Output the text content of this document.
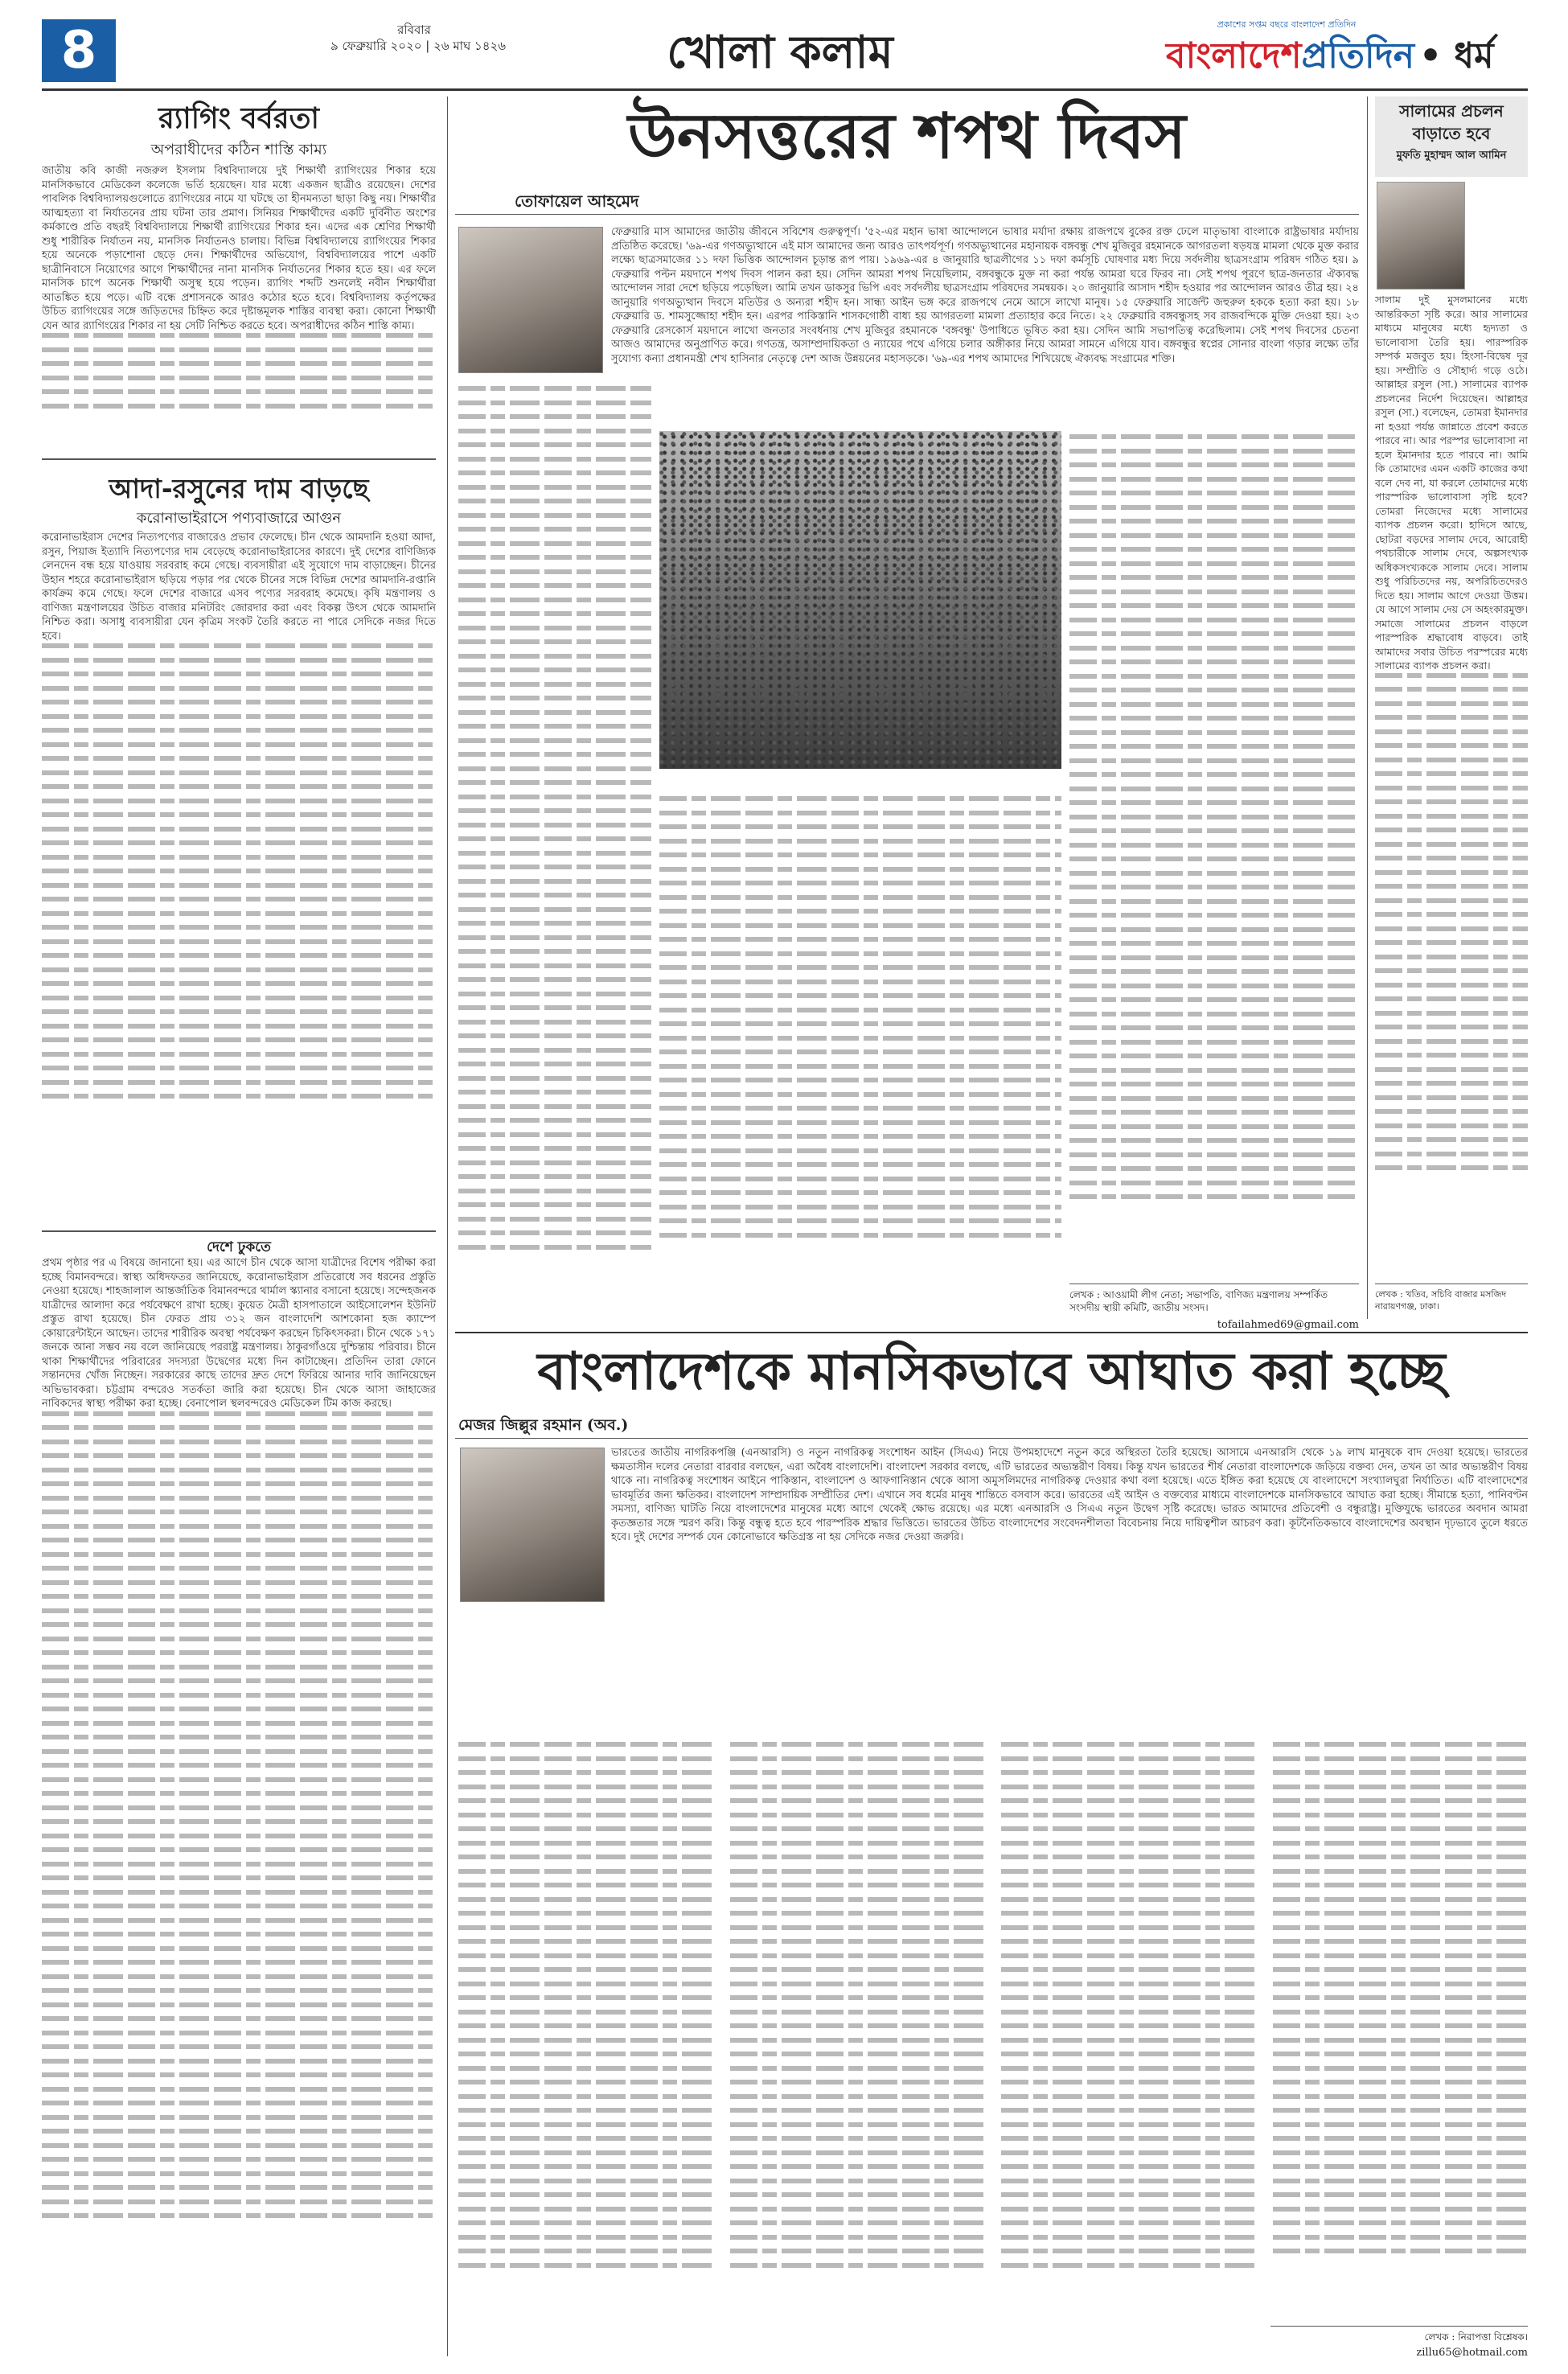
8	রবিবার
৯ ফেব্রুয়ারি ২০২০ | ২৬ মাঘ ১৪২৬	খোলা কলাম
প্রকাশের সপ্তম বছরে বাংলাদেশ প্রতিদিন
বাংলাদেশপ্রতিদিন • ধর্ম
র‍্যাগিং বর্বরতা
অপরাধীদের কঠিন শাস্তি কাম্য
জাতীয় কবি কাজী নজরুল ইসলাম বিশ্ববিদ্যালয়ে দুই শিক্ষার্থী র‍্যাগিংয়ের শিকার হয়ে মানসিকভাবে মেডিকেল কলেজে ভর্তি হয়েছেন। যার মধ্যে একজন ছাত্রীও রয়েছেন। দেশের পাবলিক বিশ্ববিদ্যালয়গুলোতে র‍্যাগিংয়ের নামে যা ঘটছে তা হীনমন্যতা ছাড়া কিছু নয়। শিক্ষার্থীর আত্মহত্যা বা নির্যাতনের প্রায় ঘটনা তার প্রমাণ। সিনিয়র শিক্ষার্থীদের একটি দুর্বিনীত অংশের কর্মকাণ্ডে প্রতি বছরই বিশ্ববিদ্যালয়ে শিক্ষার্থী র‍্যাগিংয়ের শিকার হন। এদের এক শ্রেণির শিক্ষার্থী শুধু শারীরিক নির্যাতন নয়, মানসিক নির্যাতনও চালায়। বিভিন্ন বিশ্ববিদ্যালয়ে র‍্যাগিংয়ের শিকার হয়ে অনেকে পড়াশোনা ছেড়ে দেন। শিক্ষার্থীদের অভিযোগ, বিশ্ববিদ্যালয়ের পাশে একটি ছাত্রীনিবাসে নিয়োগের আগে শিক্ষার্থীদের নানা মানসিক নির্যাতনের শিকার হতে হয়। এর ফলে মানসিক চাপে অনেক শিক্ষার্থী অসুস্থ হয়ে পড়েন। র‍্যাগিং শব্দটি শুনলেই নবীন শিক্ষার্থীরা আতঙ্কিত হয়ে পড়ে। এটি বন্ধে প্রশাসনকে আরও কঠোর হতে হবে। বিশ্ববিদ্যালয় কর্তৃপক্ষের উচিত র‍্যাগিংয়ের সঙ্গে জড়িতদের চিহ্নিত করে দৃষ্টান্তমূলক শাস্তির ব্যবস্থা করা। কোনো শিক্ষার্থী যেন আর র‍্যাগিংয়ের শিকার না হয় সেটি নিশ্চিত করতে হবে। অপরাধীদের কঠিন শাস্তি কাম্য।
আদা-রসুনের দাম বাড়ছে
করোনাভাইরাসে পণ্যবাজারে আগুন
করোনাভাইরাস দেশের নিত্যপণ্যের বাজারেও প্রভাব ফেলেছে। চীন থেকে আমদানি হওয়া আদা, রসুন, পিয়াজ ইত্যাদি নিত্যপণ্যের দাম বেড়েছে করোনাভাইরাসের কারণে। দুই দেশের বাণিজ্যিক লেনদেন বন্ধ হয়ে যাওয়ায় সরবরাহ কমে গেছে। ব্যবসায়ীরা এই সুযোগে দাম বাড়াচ্ছেন। চীনের উহান শহরে করোনাভাইরাস ছড়িয়ে পড়ার পর থেকে চীনের সঙ্গে বিভিন্ন দেশের আমদানি-রপ্তানি কার্যক্রম কমে গেছে। ফলে দেশের বাজারে এসব পণ্যের সরবরাহ কমেছে। কৃষি মন্ত্রণালয় ও বাণিজ্য মন্ত্রণালয়ের উচিত বাজার মনিটরিং জোরদার করা এবং বিকল্প উৎস থেকে আমদানি নিশ্চিত করা। অসাধু ব্যবসায়ীরা যেন কৃত্রিম সংকট তৈরি করতে না পারে সেদিকে নজর দিতে হবে।
দেশে ঢুকতে
প্রথম পৃষ্ঠার পর এ বিষয়ে জানানো হয়। এর আগে চীন থেকে আসা যাত্রীদের বিশেষ পরীক্ষা করা হচ্ছে বিমানবন্দরে। স্বাস্থ্য অধিদফতর জানিয়েছে, করোনাভাইরাস প্রতিরোধে সব ধরনের প্রস্তুতি নেওয়া হয়েছে। শাহজালাল আন্তর্জাতিক বিমানবন্দরে থার্মাল স্ক্যানার বসানো হয়েছে। সন্দেহজনক যাত্রীদের আলাদা করে পর্যবেক্ষণে রাখা হচ্ছে। কুয়েত মৈত্রী হাসপাতালে আইসোলেশন ইউনিট প্রস্তুত রাখা হয়েছে। চীন ফেরত প্রায় ৩১২ জন বাংলাদেশি আশকোনা হজ ক্যাম্পে কোয়ারেন্টাইনে আছেন। তাদের শারীরিক অবস্থা পর্যবেক্ষণ করছেন চিকিৎসকরা। চীনে থেকে ১৭১ জনকে আনা সম্ভব নয় বলে জানিয়েছে পররাষ্ট্র মন্ত্রণালয়। ঠাকুরগাঁওয়ে দুশ্চিন্তায় পরিবার। চীনে থাকা শিক্ষার্থীদের পরিবারের সদস্যরা উদ্বেগের মধ্যে দিন কাটাচ্ছেন। প্রতিদিন তারা ফোনে সন্তানদের খোঁজ নিচ্ছেন। সরকারের কাছে তাদের দ্রুত দেশে ফিরিয়ে আনার দাবি জানিয়েছেন অভিভাবকরা। চট্টগ্রাম বন্দরেও সতর্কতা জারি করা হয়েছে। চীন থেকে আসা জাহাজের নাবিকদের স্বাস্থ্য পরীক্ষা করা হচ্ছে। বেনাপোল স্থলবন্দরেও মেডিকেল টিম কাজ করছে।
উনসত্তরের শপথ দিবস
তোফায়েল আহমেদ
ফেব্রুয়ারি মাস আমাদের জাতীয় জীবনে সবিশেষ গুরুত্বপূর্ণ। '৫২-এর মহান ভাষা আন্দোলনে ভাষার মর্যাদা রক্ষায় রাজপথে বুকের রক্ত ঢেলে মাতৃভাষা বাংলাকে রাষ্ট্রভাষার মর্যাদায় প্রতিষ্ঠিত করেছে। '৬৯-এর গণঅভ্যুত্থানে এই মাস আমাদের জন্য আরও তাৎপর্যপূর্ণ। গণঅভ্যুত্থানের মহানায়ক বঙ্গবন্ধু শেখ মুজিবুর রহমানকে আগরতলা ষড়যন্ত্র মামলা থেকে মুক্ত করার লক্ষ্যে ছাত্রসমাজের ১১ দফা ভিত্তিক আন্দোলন চূড়ান্ত রূপ পায়। ১৯৬৯-এর ৪ জানুয়ারি ছাত্রলীগের ১১ দফা কর্মসূচি ঘোষণার মধ্য দিয়ে সর্বদলীয় ছাত্রসংগ্রাম পরিষদ গঠিত হয়। ৯ ফেব্রুয়ারি পল্টন ময়দানে শপথ দিবস পালন করা হয়। সেদিন আমরা শপথ নিয়েছিলাম, বঙ্গবন্ধুকে মুক্ত না করা পর্যন্ত আমরা ঘরে ফিরব না। সেই শপথ পূরণে ছাত্র-জনতার ঐক্যবদ্ধ আন্দোলন সারা দেশে ছড়িয়ে পড়েছিল। আমি তখন ডাকসুর ভিপি এবং সর্বদলীয় ছাত্রসংগ্রাম পরিষদের সমন্বয়ক। ২০ জানুয়ারি আসাদ শহীদ হওয়ার পর আন্দোলন আরও তীব্র হয়। ২৪ জানুয়ারি গণঅভ্যুত্থান দিবসে মতিউর ও অন্যরা শহীদ হন। সান্ধ্য আইন ভঙ্গ করে রাজপথে নেমে আসে লাখো মানুষ। ১৫ ফেব্রুয়ারি সার্জেন্ট জহুরুল হককে হত্যা করা হয়। ১৮ ফেব্রুয়ারি ড. শামসুজ্জোহা শহীদ হন। এরপর পাকিস্তানি শাসকগোষ্ঠী বাধ্য হয় আগরতলা মামলা প্রত্যাহার করে নিতে। ২২ ফেব্রুয়ারি বঙ্গবন্ধুসহ সব রাজবন্দিকে মুক্তি দেওয়া হয়। ২৩ ফেব্রুয়ারি রেসকোর্স ময়দানে লাখো জনতার সংবর্ধনায় শেখ মুজিবুর রহমানকে 'বঙ্গবন্ধু' উপাধিতে ভূষিত করা হয়। সেদিন আমি সভাপতিত্ব করেছিলাম। সেই শপথ দিবসের চেতনা আজও আমাদের অনুপ্রাণিত করে। গণতন্ত্র, অসাম্প্রদায়িকতা ও ন্যায়ের পথে এগিয়ে চলার অঙ্গীকার নিয়ে আমরা সামনে এগিয়ে যাব। বঙ্গবন্ধুর স্বপ্নের সোনার বাংলা গড়ার লক্ষ্যে তাঁর সুযোগ্য কন্যা প্রধানমন্ত্রী শেখ হাসিনার নেতৃত্বে দেশ আজ উন্নয়নের মহাসড়কে। '৬৯-এর শপথ আমাদের শিখিয়েছে ঐক্যবদ্ধ সংগ্রামের শক্তি।
লেখক : আওয়ামী লীগ নেতা; সভাপতি, বাণিজ্য মন্ত্রণালয় সম্পর্কিত সংসদীয় স্থায়ী কমিটি, জাতীয় সংসদ।
tofailahmed69@gmail.com
সালামের প্রচলন
বাড়াতে হবে
মুফতি মুহাম্মদ আল আমিন
সালাম দুই মুসলমানের মধ্যে আন্তরিকতা সৃষ্টি করে। আর সালামের মাধ্যমে মানুষের মধ্যে হৃদ্যতা ও ভালোবাসা তৈরি হয়। পারস্পরিক সম্পর্ক মজবুত হয়। হিংসা-বিদ্বেষ দূর হয়। সম্প্রীতি ও সৌহার্দ্য গড়ে ওঠে। আল্লাহর রসুল (সা.) সালামের ব্যাপক প্রচলনের নির্দেশ দিয়েছেন। আল্লাহর রসুল (সা.) বলেছেন, তোমরা ইমানদার না হওয়া পর্যন্ত জান্নাতে প্রবেশ করতে পারবে না। আর পরস্পর ভালোবাসা না হলে ইমানদার হতে পারবে না। আমি কি তোমাদের এমন একটি কাজের কথা বলে দেব না, যা করলে তোমাদের মধ্যে পারস্পরিক ভালোবাসা সৃষ্টি হবে? তোমরা নিজেদের মধ্যে সালামের ব্যাপক প্রচলন করো। হাদিসে আছে, ছোটরা বড়দের সালাম দেবে, আরোহী পথচারীকে সালাম দেবে, অল্পসংখ্যক অধিকসংখ্যককে সালাম দেবে। সালাম শুধু পরিচিতদের নয়, অপরিচিতদেরও দিতে হয়। সালাম আগে দেওয়া উত্তম। যে আগে সালাম দেয় সে অহংকারমুক্ত। সমাজে সালামের প্রচলন বাড়লে পারস্পরিক শ্রদ্ধাবোধ বাড়বে। তাই আমাদের সবার উচিত পরস্পরের মধ্যে সালামের ব্যাপক প্রচলন করা।
লেখক : খতিব, সচিবি বাজার মসজিদ নারায়ণগঞ্জ, ঢাকা।
বাংলাদেশকে মানসিকভাবে আঘাত করা হচ্ছে
মেজর জিল্লুর রহমান (অব.)
ভারতের জাতীয় নাগরিকপঞ্জি (এনআরসি) ও নতুন নাগরিকত্ব সংশোধন আইন (সিএএ) নিয়ে উপমহাদেশে নতুন করে অস্থিরতা তৈরি হয়েছে। আসামে এনআরসি থেকে ১৯ লাখ মানুষকে বাদ দেওয়া হয়েছে। ভারতের ক্ষমতাসীন দলের নেতারা বারবার বলছেন, এরা অবৈধ বাংলাদেশি। বাংলাদেশ সরকার বলছে, এটি ভারতের অভ্যন্তরীণ বিষয়। কিন্তু যখন ভারতের শীর্ষ নেতারা বাংলাদেশকে জড়িয়ে বক্তব্য দেন, তখন তা আর অভ্যন্তরীণ বিষয় থাকে না। নাগরিকত্ব সংশোধন আইনে পাকিস্তান, বাংলাদেশ ও আফগানিস্তান থেকে আসা অমুসলিমদের নাগরিকত্ব দেওয়ার কথা বলা হয়েছে। এতে ইঙ্গিত করা হয়েছে যে বাংলাদেশে সংখ্যালঘুরা নির্যাতিত। এটি বাংলাদেশের ভাবমূর্তির জন্য ক্ষতিকর। বাংলাদেশ সাম্প্রদায়িক সম্প্রীতির দেশ। এখানে সব ধর্মের মানুষ শান্তিতে বসবাস করে। ভারতের এই আইন ও বক্তব্যের মাধ্যমে বাংলাদেশকে মানসিকভাবে আঘাত করা হচ্ছে। সীমান্তে হত্যা, পানিবণ্টন সমস্যা, বাণিজ্য ঘাটতি নিয়ে বাংলাদেশের মানুষের মধ্যে আগে থেকেই ক্ষোভ রয়েছে। এর মধ্যে এনআরসি ও সিএএ নতুন উদ্বেগ সৃষ্টি করেছে। ভারত আমাদের প্রতিবেশী ও বন্ধুরাষ্ট্র। মুক্তিযুদ্ধে ভারতের অবদান আমরা কৃতজ্ঞতার সঙ্গে স্মরণ করি। কিন্তু বন্ধুত্ব হতে হবে পারস্পরিক শ্রদ্ধার ভিত্তিতে। ভারতের উচিত বাংলাদেশের সংবেদনশীলতা বিবেচনায় নিয়ে দায়িত্বশীল আচরণ করা। কূটনৈতিকভাবে বাংলাদেশের অবস্থান দৃঢ়ভাবে তুলে ধরতে হবে। দুই দেশের সম্পর্ক যেন কোনোভাবে ক্ষতিগ্রস্ত না হয় সেদিকে নজর দেওয়া জরুরি।
লেখক : নিরাপত্তা বিশ্লেষক।
zillu65@hotmail.com
